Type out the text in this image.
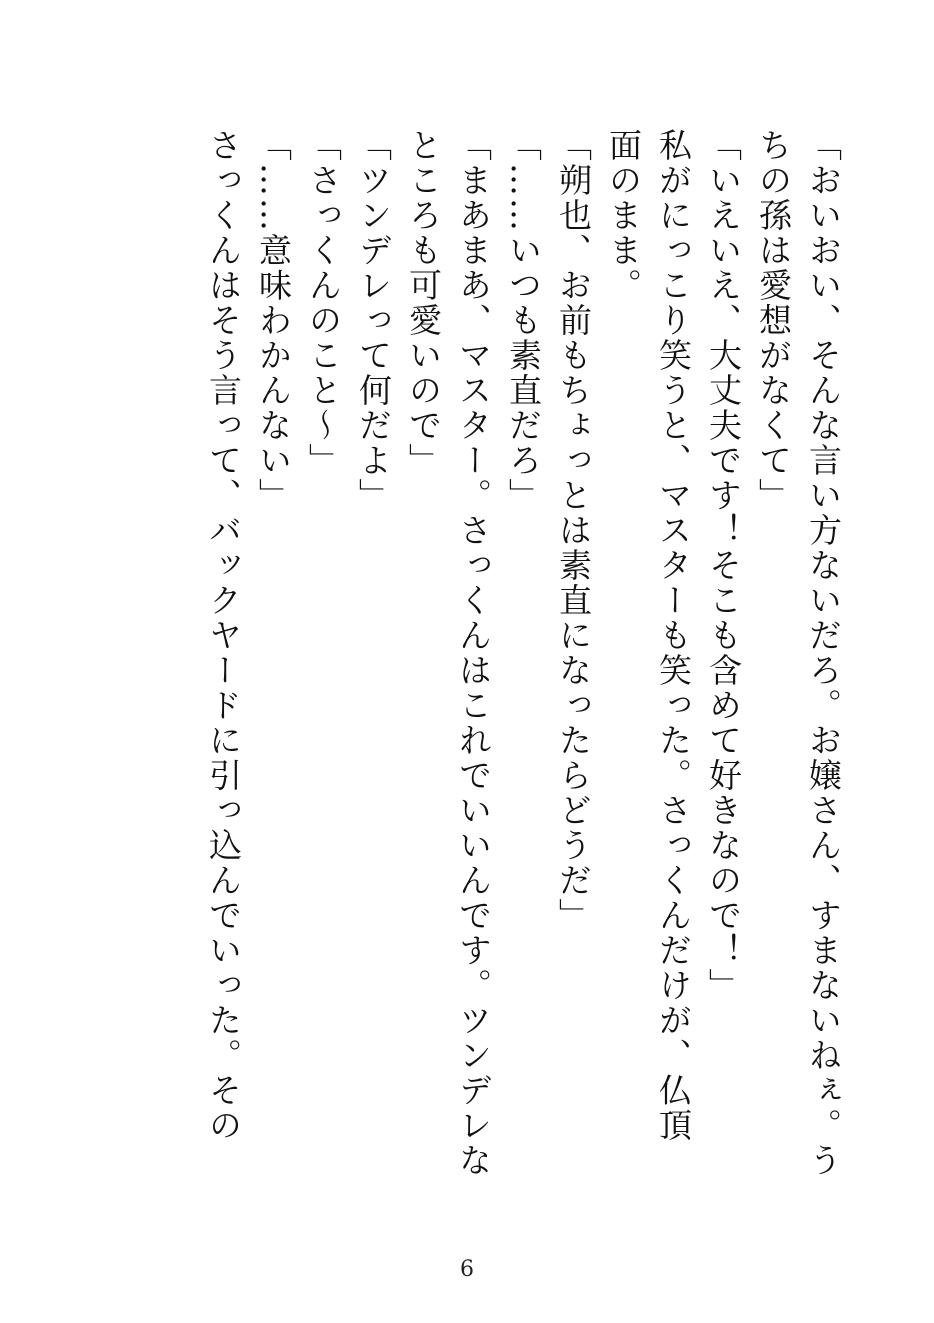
「おいおい、そんな言い方ないだろ。お嬢さん、すまないねぇ。う
ちの孫は愛想がなくて」
「いえいえ、大丈夫です！そこも含めて好きなので！」
私がにっこり笑うと、マスターも笑った。さっくんだけが、仏頂
面のまま。
「朔也、お前もちょっとは素直になったらどうだ」
「……いつも素直だろ」
「まあまあ、マスター。さっくんはこれでいいんです。ツンデレな
ところも可愛いので」
「ツンデレって何だよ」
「さっくんのこと〜」
「……意味わかんない」
さっくんはそう言って、バックヤードに引っ込んでいった。その
6
